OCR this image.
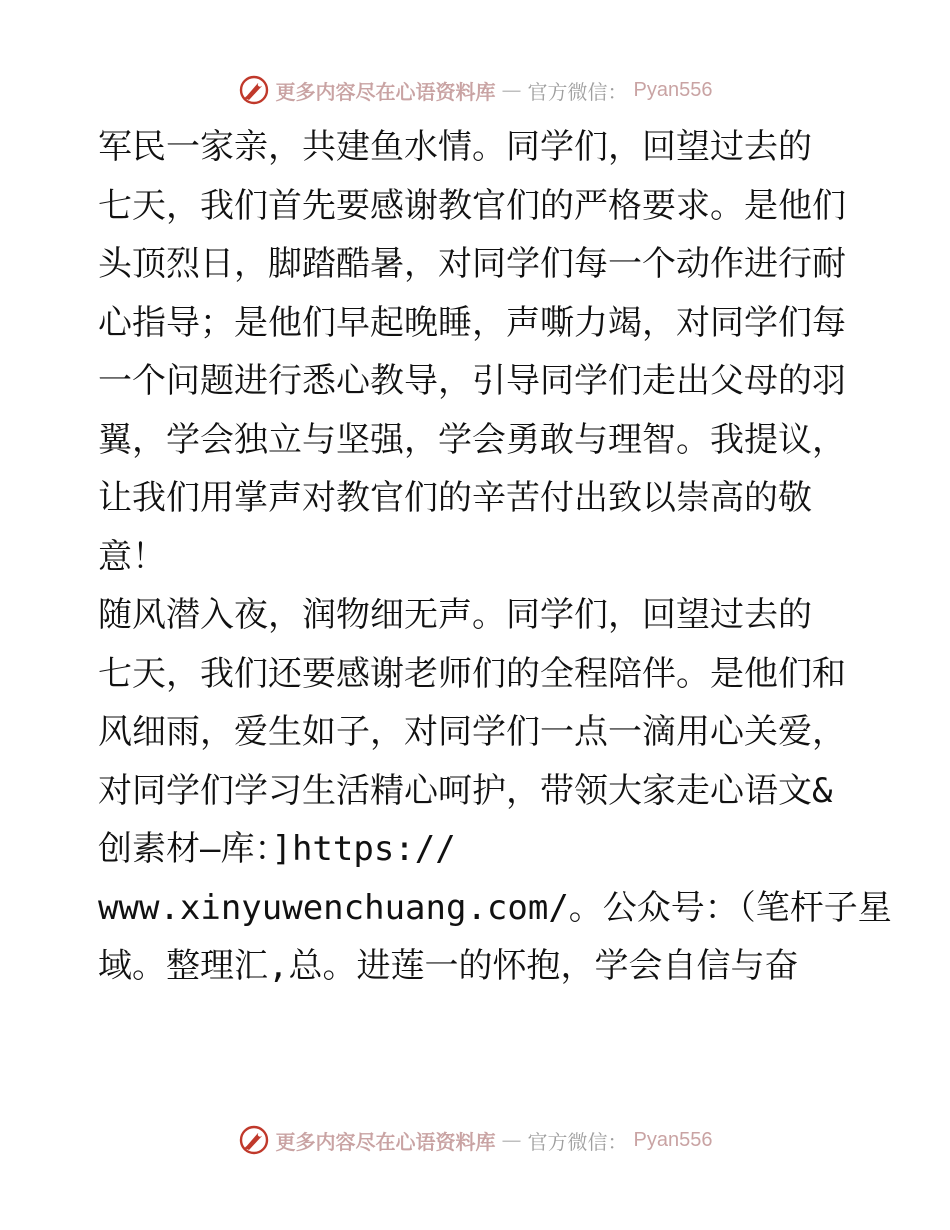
更多内容尽在心语资料库 — 官方微信： Pyan556

军民一家亲，共建鱼水情。同学们，回望过去的
七天，我们首先要感谢教官们的严格要求。是他们
头顶烈日，脚踏酷暑，对同学们每一个动作进行耐
心指导；是他们早起晚睡，声嘶力竭，对同学们每
一个问题进行悉心教导，引导同学们走出父母的羽
翼，学会独立与坚强，学会勇敢与理智。我提议，
让我们用掌声对教官们的辛苦付出致以崇高的敬
意！

随风潜入夜，润物细无声。同学们，回望过去的
七天，我们还要感谢老师们的全程陪伴。是他们和
风细雨，爱生如子，对同学们一点一滴用心关爱，
对同学们学习生活精心呵护，带领大家走心语文&
创素材—库：]https://
www.xinyuwenchuang.com/。公众号：（笔杆子星
域。整理汇,总。进莲一的怀抱，学会自信与奋

更多内容尽在心语资料库 — 官方微信： Pyan556
